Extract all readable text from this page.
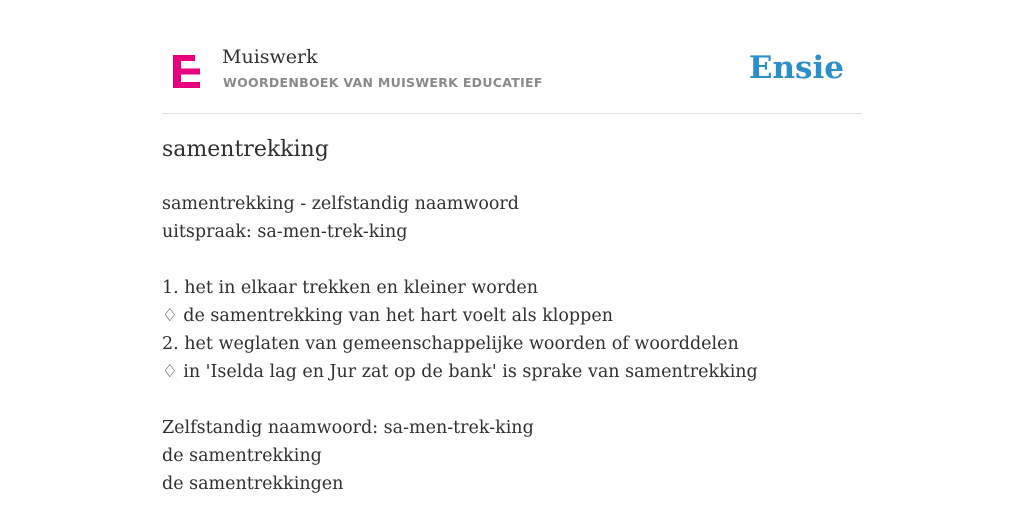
Muiswerk
WOORDENBOEK VAN MUISWERK EDUCATIEF	Ensie
samentrekking
samentrekking - zelfstandig naamwoord
uitspraak: sa-men-trek-king
1. het in elkaar trekken en kleiner worden
♢ de samentrekking van het hart voelt als kloppen
2. het weglaten van gemeenschappelijke woorden of woorddelen
♢ in 'Iselda lag en Jur zat op de bank' is sprake van samentrekking
Zelfstandig naamwoord: sa-men-trek-king
de samentrekking
de samentrekkingen
